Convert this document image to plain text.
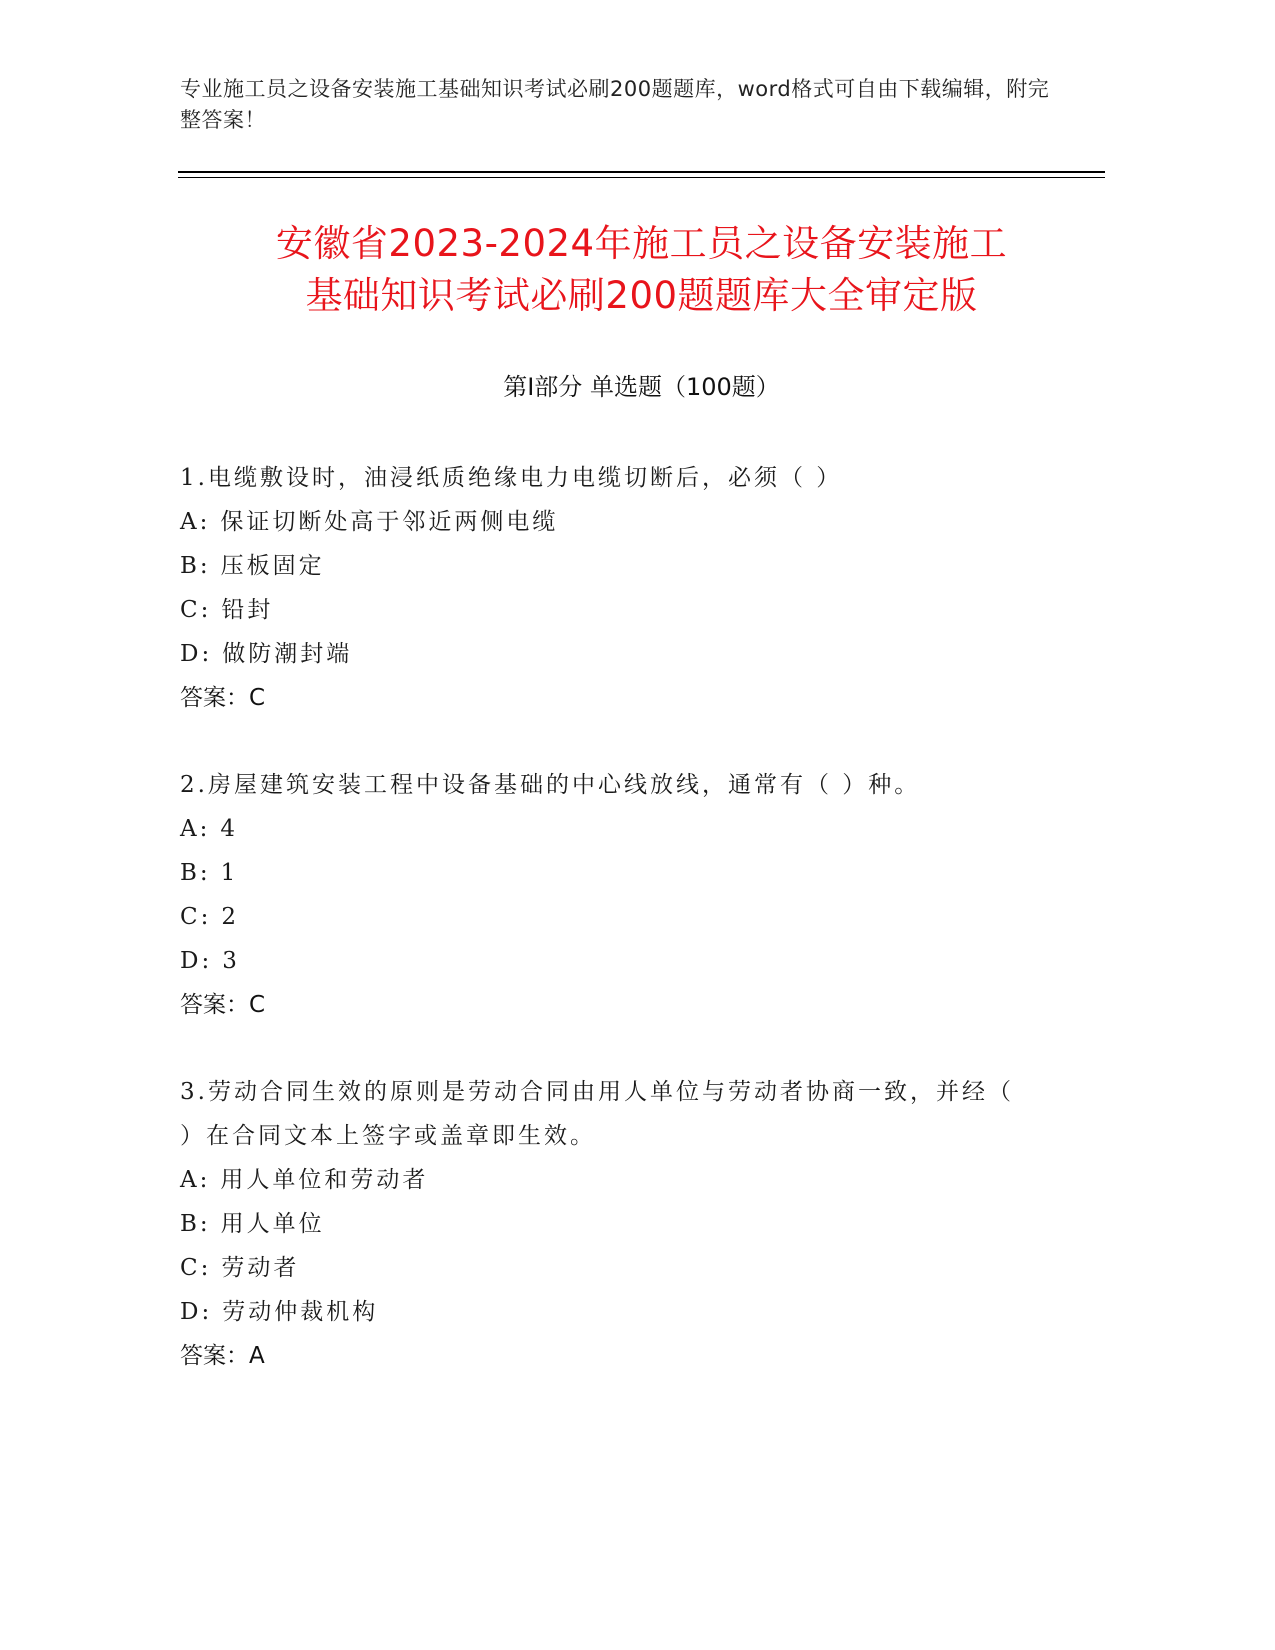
专业施工员之设备安装施工基础知识考试必刷200题题库，word格式可自由下载编辑，附完整答案！
安徽省2023-2024年施工员之设备安装施工
基础知识考试必刷200题题库大全审定版
第Ⅰ部分 单选题（100题）
1.电缆敷设时，油浸纸质绝缘电力电缆切断后，必须（ ）
A: 保证切断处高于邻近两侧电缆
B: 压板固定
C: 铅封
D: 做防潮封端
答案：C
2.房屋建筑安装工程中设备基础的中心线放线，通常有（ ）种。
A: 4
B: 1
C: 2
D: 3
答案：C
3.劳动合同生效的原则是劳动合同由用人单位与劳动者协商一致，并经（ ）在合同文本上签字或盖章即生效。
A: 用人单位和劳动者
B: 用人单位
C: 劳动者
D: 劳动仲裁机构
答案：A
